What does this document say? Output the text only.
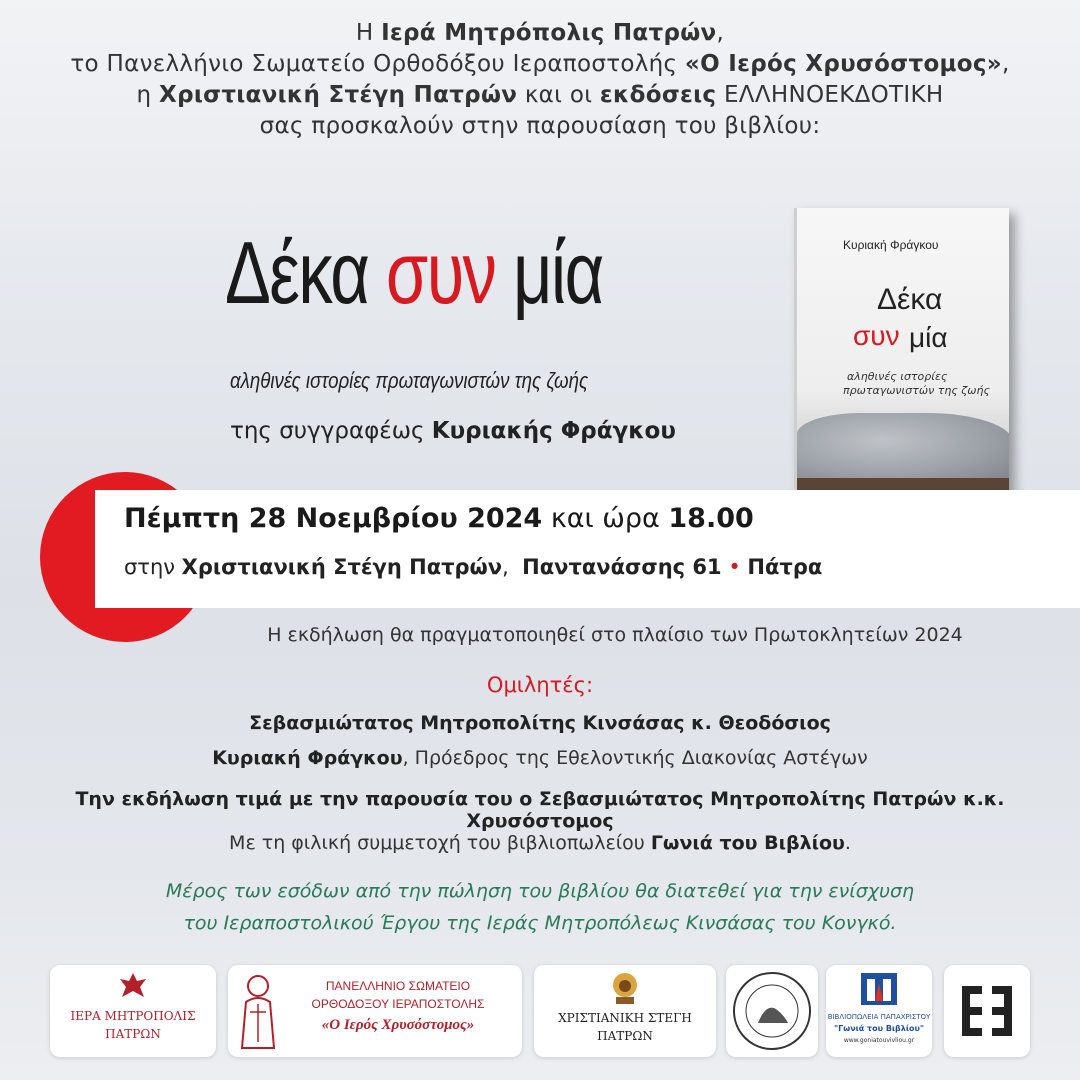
Η Ιερά Μητρόπολις Πατρών,
το Πανελλήνιο Σωματείο Ορθοδόξου Ιεραποστολής «Ο Ιερός Χρυσόστομος»,
η Χριστιανική Στέγη Πατρών και οι εκδόσεις ΕΛΛΗΝΟΕΚΔΟΤΙΚΗ
σας προσκαλούν στην παρουσίαση του βιβλίου:
Δέκα συν μία
αληθινές ιστορίες πρωταγωνιστών της ζωής
της συγγραφέως Κυριακής Φράγκου
Κυριακή Φράγκου
Δέκα
συν μία
αληθινές ιστορίες
πρωταγωνιστών της ζωής
Πέμπτη 28 Νοεμβρίου 2024 και ώρα 18.00
στην Χριστιανική Στέγη Πατρών,  Παντανάσσης 61 • Πάτρα
Η εκδήλωση θα πραγματοποιηθεί στο πλαίσιο των Πρωτοκλητείων 2024
Ομιλητές:
Σεβασμιώτατος Μητροπολίτης Κινσάσας κ. Θεοδόσιος
Κυριακή Φράγκου, Πρόεδρος της Εθελοντικής Διακονίας Αστέγων
Την εκδήλωση τιμά με την παρουσία του ο Σεβασμιώτατος Μητροπολίτης Πατρών κ.κ. Χρυσόστομος
Με τη φιλική συμμετοχή του βιβλιοπωλείου Γωνιά του Βιβλίου.
Μέρος των εσόδων από την πώληση του βιβλίου θα διατεθεί για την ενίσχυση
του Ιεραποστολικού Έργου της Ιεράς Μητροπόλεως Κινσάσας του Κονγκό.
ΙΕΡΑ ΜΗΤΡΟΠΟΛΙΣ
ΠΑΤΡΩΝ
ΠΑΝΕΛΛΗΝΙΟ ΣΩΜΑΤΕΙΟ
ΟΡΘΟΔΟΞΟΥ ΙΕΡΑΠΟΣΤΟΛΗΣ
«Ο Ιερός Χρυσόστομος»	ΧΡΙΣΤΙΑΝΙΚΗ ΣΤΕΓΗ
ΠΑΤΡΩΝ
ΒΙΒΛΙΟΠΩΛΕΙΑ ΠΑΠΑΧΡΙΣΤΟΥ
"Γωνιά του Βιβλίου"
www.goniatouvivliou.gr
